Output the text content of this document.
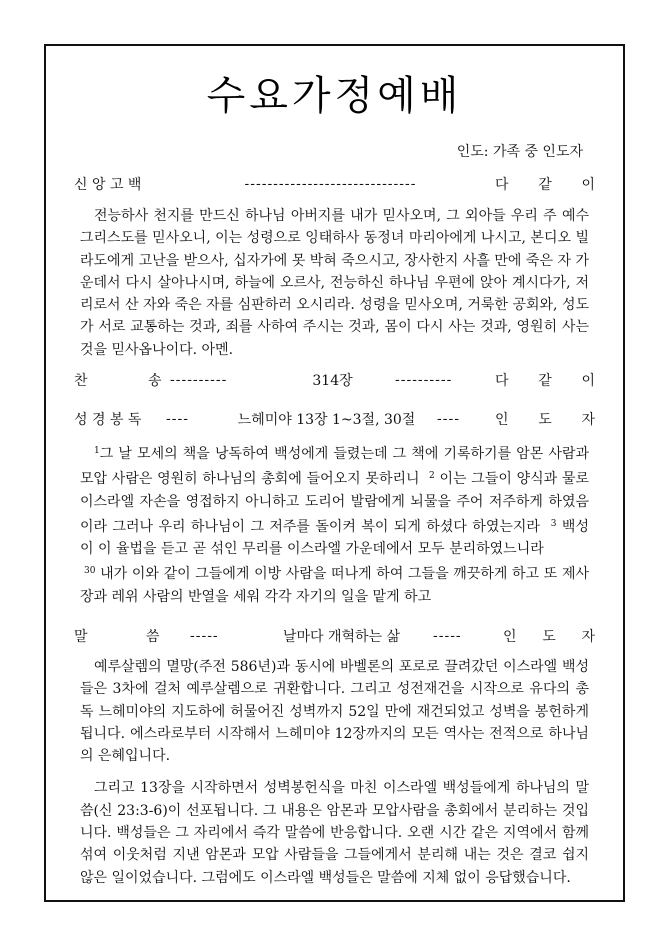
수요가정예배
인도: 가족 중 인도자
신 앙 고 백	------------------------------	다 같 이

전능하사 천지를 만드신 하나님 아버지를 내가 믿사오며, 그 외아들 우리 주 예수 그리스도를 믿사오니, 이는 성령으로 잉태하사 동정녀 마리아에게 나시고, 본디오 빌라도에게 고난을 받으사, 십자가에 못 박혀 죽으시고, 장사한지 사흘 만에 죽은 자 가운데서 다시 살아나시며, 하늘에 오르사, 전능하신 하나님 우편에 앉아 계시다가, 저리로서 산 자와 죽은 자를 심판하러 오시리라. 성령을 믿사오며, 거룩한 공회와, 성도가 서로 교통하는 것과, 죄를 사하여 주시는 것과, 몸이 다시 사는 것과, 영원히 사는 것을 믿사옵나이다. 아멘.

찬	송 ----------	314장	----------	다 같 이
성 경 봉 독	----	느헤미야 13장 1~3절, 30절	----	인 도 자

$^1$그 날 모세의 책을 낭독하여 백성에게 들렸는데 그 책에 기록하기를 암몬 사람과 모압 사람은 영원히 하나님의 총회에 들어오지 못하리니 $^2$ 이는 그들이 양식과 물로 이스라엘 자손을 영접하지 아니하고 도리어 발람에게 뇌물을 주어 저주하게 하였음이라 그러나 우리 하나님이 그 저주를 돌이켜 복이 되게 하셨다 하였는지라 $^3$ 백성이 이 율법을 듣고 곧 섞인 무리를 이스라엘 가운데에서 모두 분리하였느니라

$^{30}$ 내가 이와 같이 그들에게 이방 사람을 떠나게 하여 그들을 깨끗하게 하고 또 제사장과 레위 사람의 반열을 세워 각각 자기의 일을 맡게 하고

말	씀	-----	날마다 개혁하는 삶	-----	인 도 자

예루살렘의 멸망(주전 586년)과 동시에 바벨론의 포로로 끌려갔던 이스라엘 백성들은 3차에 걸처 예루살렘으로 귀환합니다. 그리고 성전재건을 시작으로 유다의 총독 느헤미야의 지도하에 허물어진 성벽까지 52일 만에 재건되었고 성벽을 봉헌하게 됩니다. 에스라로부터 시작해서 느헤미야 12장까지의 모든 역사는 전적으로 하나님의 은혜입니다.

그리고 13장을 시작하면서 성벽봉헌식을 마친 이스라엘 백성들에게 하나님의 말씀(신 23:3-6)이 선포됩니다. 그 내용은 암몬과 모압사람을 총회에서 분리하는 것입니다. 백성들은 그 자리에서 즉각 말씀에 반응합니다. 오랜 시간 같은 지역에서 함께 섞여 이웃처럼 지낸 암몬과 모압 사람들을 그들에게서 분리해 내는 것은 결코 쉽지 않은 일이었습니다. 그럼에도 이스라엘 백성들은 말씀에 지체 없이 응답했습니다.
